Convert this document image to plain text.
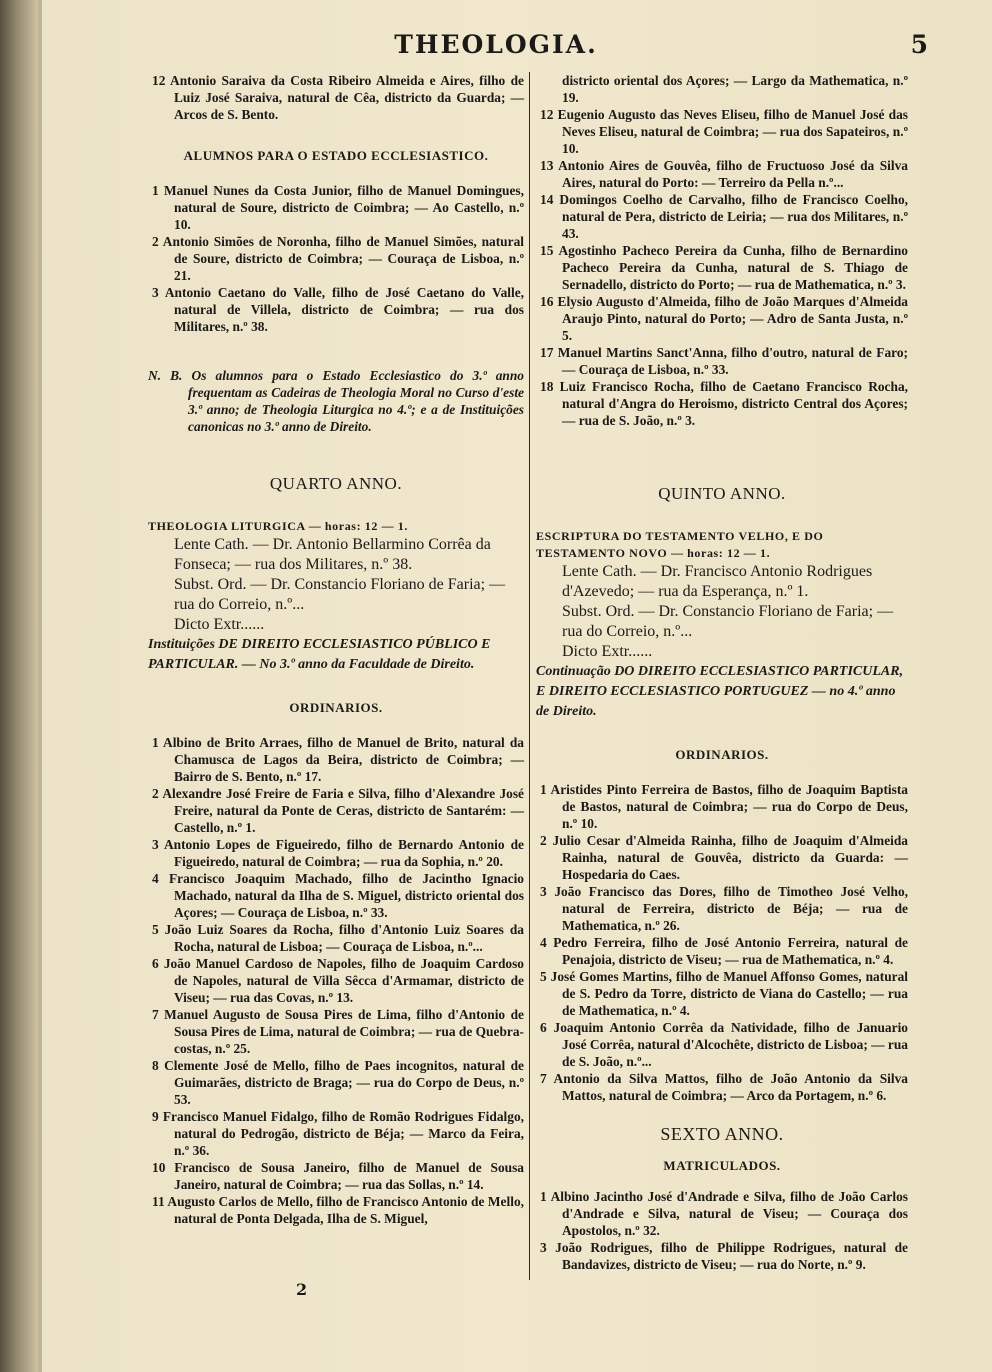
THEOLOGIA.	5

12 Antonio Saraiva da Costa Ribeiro Almeida e Aires, filho de Luiz José Saraiva, natural de Cêa, districto da Guarda; — Arcos de S. Bento.

ALUMNOS PARA O ESTADO ECCLESIASTICO.

1 Manuel Nunes da Costa Junior, filho de Manuel Domingues, natural de Soure, districto de Coimbra; — Ao Castello, n.º 10.

2 Antonio Simões de Noronha, filho de Manuel Simões, natural de Soure, districto de Coimbra; — Couraça de Lisboa, n.º 21.

3 Antonio Caetano do Valle, filho de José Caetano do Valle, natural de Villela, districto de Coimbra; — rua dos Militares, n.º 38.

N. B. Os alumnos para o Estado Ecclesiastico do 3.º anno frequentam as Cadeiras de Theologia Moral no Curso d'este 3.º anno; de Theologia Liturgica no 4.º; e a de Instituições canonicas no 3.º anno de Direito.

QUARTO ANNO.
THEOLOGIA LITURGICA — horas: 12 — 1.
Lente Cath. — Dr. Antonio Bellarmino Corrêa da Fonseca; — rua dos Militares, n.º 38.
Subst. Ord. — Dr. Constancio Floriano de Faria; — rua do Correio, n.º...
Dicto Extr......
Instituições DE DIREITO ECCLESIASTICO PÚBLICO E PARTICULAR. — No 3.º anno da Faculdade de Direito.
ORDINARIOS.

1 Albino de Brito Arraes, filho de Manuel de Brito, natural da Chamusca de Lagos da Beira, districto de Coimbra; — Bairro de S. Bento, n.º 17.

2 Alexandre José Freire de Faria e Silva, filho d'Alexandre José Freire, natural da Ponte de Ceras, districto de Santarém: — Castello, n.º 1.

3 Antonio Lopes de Figueiredo, filho de Bernardo Antonio de Figueiredo, natural de Coimbra; — rua da Sophia, n.º 20.

4 Francisco Joaquim Machado, filho de Jacintho Ignacio Machado, natural da Ilha de S. Miguel, districto oriental dos Açores; — Couraça de Lisboa, n.º 33.

5 João Luiz Soares da Rocha, filho d'Antonio Luiz Soares da Rocha, natural de Lisboa; — Couraça de Lisboa, n.º...

6 João Manuel Cardoso de Napoles, filho de Joaquim Cardoso de Napoles, natural de Villa Sêcca d'Armamar, districto de Viseu; — rua das Covas, n.º 13.

7 Manuel Augusto de Sousa Pires de Lima, filho d'Antonio de Sousa Pires de Lima, natural de Coimbra; — rua de Quebra-costas, n.º 25.

8 Clemente José de Mello, filho de Paes incognitos, natural de Guimarães, districto de Braga; — rua do Corpo de Deus, n.º 53.

9 Francisco Manuel Fidalgo, filho de Romão Rodrigues Fidalgo, natural do Pedrogão, districto de Béja; — Marco da Feira, n.º 36.

10 Francisco de Sousa Janeiro, filho de Manuel de Sousa Janeiro, natural de Coimbra; — rua das Sollas, n.º 14.

11 Augusto Carlos de Mello, filho de Francisco Antonio de Mello, natural de Ponta Delgada, Ilha de S. Miguel,

districto oriental dos Açores; — Largo da Mathematica, n.º 19.

12 Eugenio Augusto das Neves Eliseu, filho de Manuel José das Neves Eliseu, natural de Coimbra; — rua dos Sapateiros, n.º 10.

13 Antonio Aires de Gouvêa, filho de Fructuoso José da Silva Aires, natural do Porto: — Terreiro da Pella n.º...

14 Domingos Coelho de Carvalho, filho de Francisco Coelho, natural de Pera, districto de Leiria; — rua dos Militares, n.º 43.

15 Agostinho Pacheco Pereira da Cunha, filho de Bernardino Pacheco Pereira da Cunha, natural de S. Thiago de Sernadello, districto do Porto; — rua de Mathematica, n.º 3.

16 Elysio Augusto d'Almeida, filho de João Marques d'Almeida Araujo Pinto, natural do Porto; — Adro de Santa Justa, n.º 5.

17 Manuel Martins Sanct'Anna, filho d'outro, natural de Faro; — Couraça de Lisboa, n.º 33.

18 Luiz Francisco Rocha, filho de Caetano Francisco Rocha, natural d'Angra do Heroismo, districto Central dos Açores; — rua de S. João, n.º 3.

QUINTO ANNO.
ESCRIPTURA DO TESTAMENTO VELHO, E DO TESTAMENTO NOVO — horas: 12 — 1.
Lente Cath. — Dr. Francisco Antonio Rodrigues d'Azevedo; — rua da Esperança, n.º 1.
Subst. Ord. — Dr. Constancio Floriano de Faria; — rua do Correio, n.º...
Dicto Extr......
Continuação DO DIREITO ECCLESIASTICO PARTICULAR, E DIREITO ECCLESIASTICO PORTUGUEZ — no 4.º anno de Direito.
ORDINARIOS.

1 Aristides Pinto Ferreira de Bastos, filho de Joaquim Baptista de Bastos, natural de Coimbra; — rua do Corpo de Deus, n.º 10.

2 Julio Cesar d'Almeida Rainha, filho de Joaquim d'Almeida Rainha, natural de Gouvêa, districto da Guarda: — Hospedaria do Caes.

3 João Francisco das Dores, filho de Timotheo José Velho, natural de Ferreira, districto de Béja; — rua de Mathematica, n.º 26.

4 Pedro Ferreira, filho de José Antonio Ferreira, natural de Penajoia, districto de Viseu; — rua de Mathematica, n.º 4.

5 José Gomes Martins, filho de Manuel Affonso Gomes, natural de S. Pedro da Torre, districto de Viana do Castello; — rua de Mathematica, n.º 4.

6 Joaquim Antonio Corrêa da Natividade, filho de Januario José Corrêa, natural d'Alcochête, districto de Lisboa; — rua de S. João, n.º...

7 Antonio da Silva Mattos, filho de João Antonio da Silva Mattos, natural de Coimbra; — Arco da Portagem, n.º 6.

SEXTO ANNO.
MATRICULADOS.

1 Albino Jacintho José d'Andrade e Silva, filho de João Carlos d'Andrade e Silva, natural de Viseu; — Couraça dos Apostolos, n.º 32.

3 João Rodrigues, filho de Philippe Rodrigues, natural de Bandavizes, districto de Viseu; — rua do Norte, n.º 9.

2
